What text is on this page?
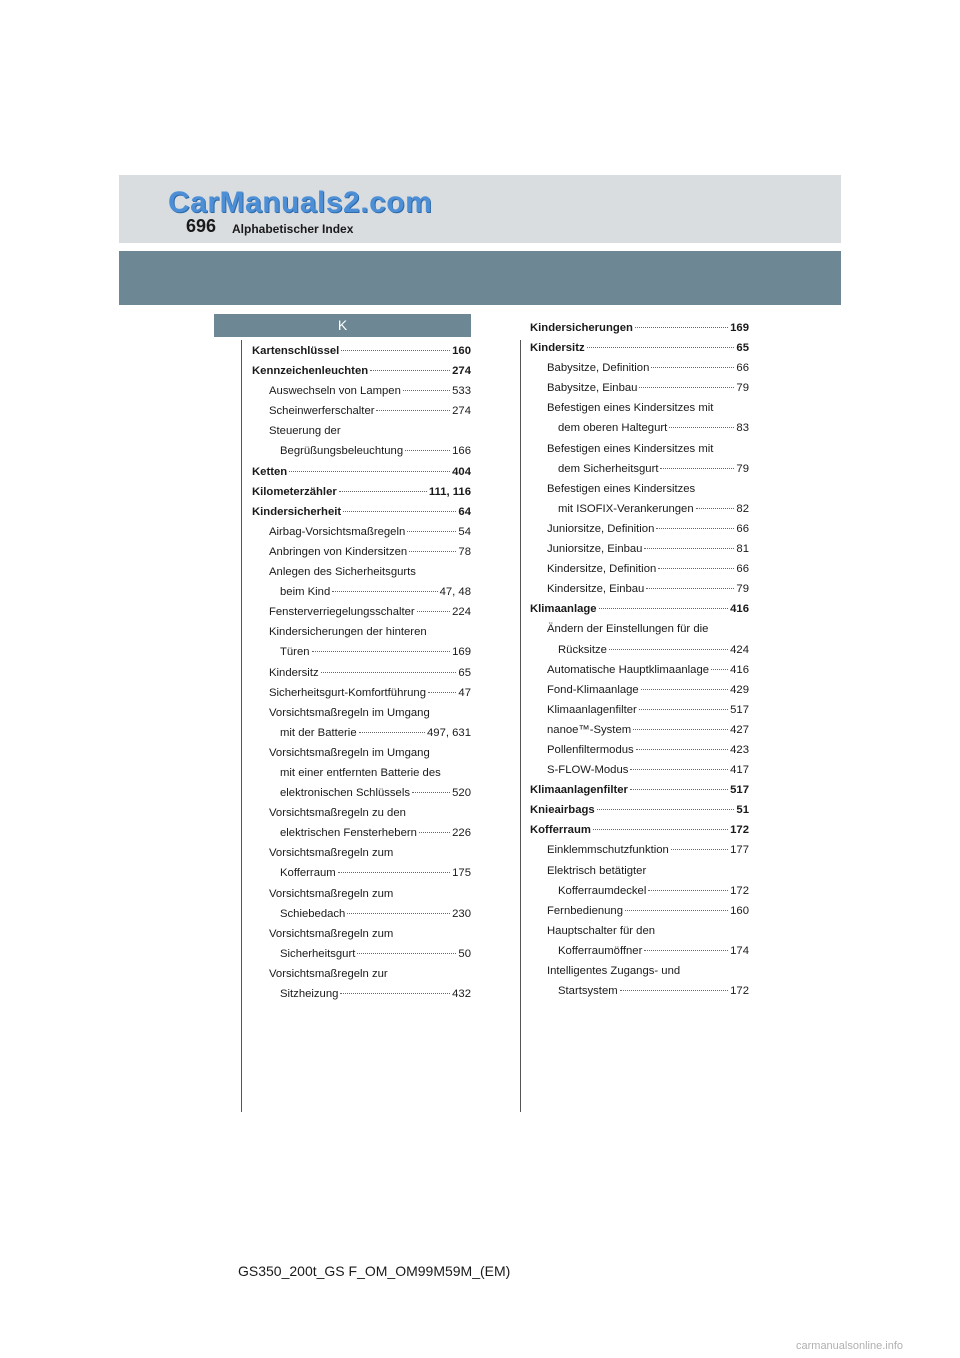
CarManuals2.com
696 Alphabetischer Index
K
Kartenschlüssel	160
Kennzeichenleuchten	274
Auswechseln von Lampen	533
Scheinwerferschalter	274
Steuerung der
Begrüßungsbeleuchtung	166
Ketten	404
Kilometerzähler	111, 116
Kindersicherheit	64
Airbag-Vorsichtsmaßregeln	54
Anbringen von Kindersitzen	78
Anlegen des Sicherheitsgurts
beim Kind	47, 48
Fensterverriegelungsschalter	224
Kindersicherungen der hinteren
Türen	169
Kindersitz	65
Sicherheitsgurt-Komfortführung	47
Vorsichtsmaßregeln im Umgang
mit der Batterie	497, 631
Vorsichtsmaßregeln im Umgang
mit einer entfernten Batterie des
elektronischen Schlüssels	520
Vorsichtsmaßregeln zu den
elektrischen Fensterhebern	226
Vorsichtsmaßregeln zum
Kofferraum	175
Vorsichtsmaßregeln zum
Schiebedach	230
Vorsichtsmaßregeln zum
Sicherheitsgurt	50
Vorsichtsmaßregeln zur
Sitzheizung	432
Kindersicherungen	169
Kindersitz	65
Babysitze, Definition	66
Babysitze, Einbau	79
Befestigen eines Kindersitzes mit
dem oberen Haltegurt	83
Befestigen eines Kindersitzes mit
dem Sicherheitsgurt	79
Befestigen eines Kindersitzes
mit ISOFIX-Verankerungen	82
Juniorsitze, Definition	66
Juniorsitze, Einbau	81
Kindersitze, Definition	66
Kindersitze, Einbau	79
Klimaanlage	416
Ändern der Einstellungen für die
Rücksitze	424
Automatische Hauptklimaanlage 416
Fond-Klimaanlage	429
Klimaanlagenfilter	517
nanoe™-System	427
Pollenfiltermodus	423
S-FLOW-Modus	417
Klimaanlagenfilter	517
Knieairbags	51
Kofferraum	172
Einklemmschutzfunktion	177
Elektrisch betätigter
Kofferraumdeckel	172
Fernbedienung	160
Hauptschalter für den
Kofferraumöffner	174
Intelligentes Zugangs- und
Startsystem	172
GS350_200t_GS F_OM_OM99M59M_(EM)
carmanualsonline.info
